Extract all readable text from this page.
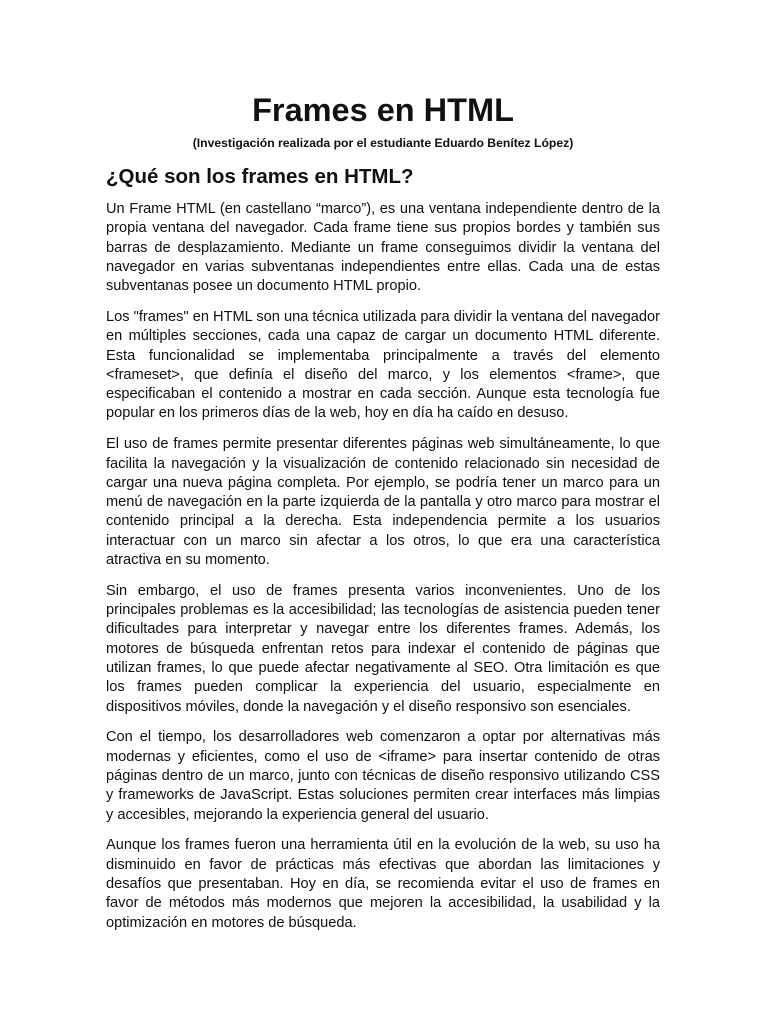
Frames en HTML

(Investigación realizada por el estudiante Eduardo Benítez López)

¿Qué son los frames en HTML?

Un Frame HTML (en castellano “marco”), es una ventana independiente dentro de la propia ventana del navegador. Cada frame tiene sus propios bordes y también sus barras de desplazamiento. Mediante un frame conseguimos dividir la ventana del navegador en varias subventanas independientes entre ellas. Cada una de estas subventanas posee un documento HTML propio.

Los "frames" en HTML son una técnica utilizada para dividir la ventana del navegador en múltiples secciones, cada una capaz de cargar un documento HTML diferente. Esta funcionalidad se implementaba principalmente a través del elemento <frameset>, que definía el diseño del marco, y los elementos <frame>, que especificaban el contenido a mostrar en cada sección. Aunque esta tecnología fue popular en los primeros días de la web, hoy en día ha caído en desuso.

El uso de frames permite presentar diferentes páginas web simultáneamente, lo que facilita la navegación y la visualización de contenido relacionado sin necesidad de cargar una nueva página completa. Por ejemplo, se podría tener un marco para un menú de navegación en la parte izquierda de la pantalla y otro marco para mostrar el contenido principal a la derecha. Esta independencia permite a los usuarios interactuar con un marco sin afectar a los otros, lo que era una característica atractiva en su momento.

Sin embargo, el uso de frames presenta varios inconvenientes. Uno de los principales problemas es la accesibilidad; las tecnologías de asistencia pueden tener dificultades para interpretar y navegar entre los diferentes frames. Además, los motores de búsqueda enfrentan retos para indexar el contenido de páginas que utilizan frames, lo que puede afectar negativamente al SEO. Otra limitación es que los frames pueden complicar la experiencia del usuario, especialmente en dispositivos móviles, donde la navegación y el diseño responsivo son esenciales.

Con el tiempo, los desarrolladores web comenzaron a optar por alternativas más modernas y eficientes, como el uso de <iframe> para insertar contenido de otras páginas dentro de un marco, junto con técnicas de diseño responsivo utilizando CSS y frameworks de JavaScript. Estas soluciones permiten crear interfaces más limpias y accesibles, mejorando la experiencia general del usuario.

Aunque los frames fueron una herramienta útil en la evolución de la web, su uso ha disminuido en favor de prácticas más efectivas que abordan las limitaciones y desafíos que presentaban. Hoy en día, se recomienda evitar el uso de frames en favor de métodos más modernos que mejoren la accesibilidad, la usabilidad y la optimización en motores de búsqueda.
